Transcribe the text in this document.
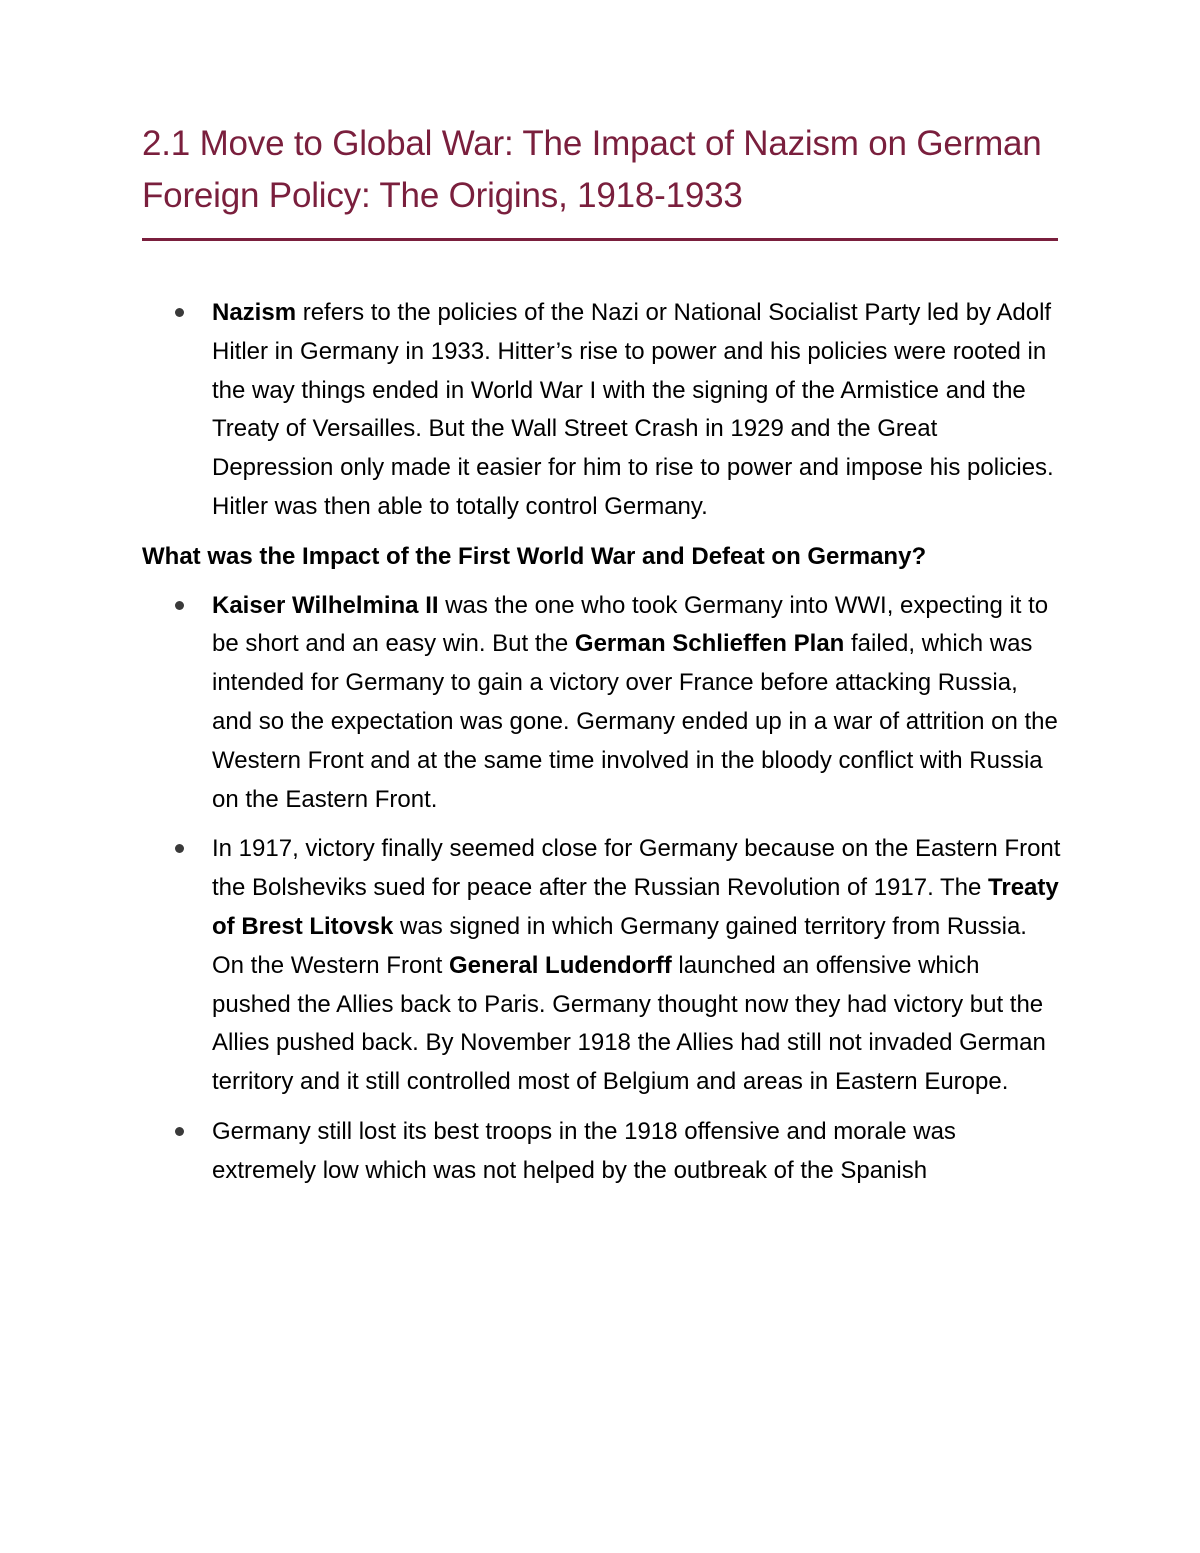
2.1 Move to Global War: The Impact of Nazism on German Foreign Policy: The Origins, 1918-1933
Nazism refers to the policies of the Nazi or National Socialist Party led by Adolf Hitler in Germany in 1933. Hitter’s rise to power and his policies were rooted in the way things ended in World War I with the signing of the Armistice and the Treaty of Versailles. But the Wall Street Crash in 1929 and the Great Depression only made it easier for him to rise to power and impose his policies. Hitler was then able to totally control Germany.

What was the Impact of the First World War and Defeat on Germany?

Kaiser Wilhelmina II was the one who took Germany into WWI, expecting it to be short and an easy win. But the German Schlieffen Plan failed, which was intended for Germany to gain a victory over France before attacking Russia, and so the expectation was gone. Germany ended up in a war of attrition on the Western Front and at the same time involved in the bloody conflict with Russia on the Eastern Front.
In 1917, victory finally seemed close for Germany because on the Eastern Front the Bolsheviks sued for peace after the Russian Revolution of 1917. The Treaty of Brest Litovsk was signed in which Germany gained territory from Russia. On the Western Front General Ludendorff launched an offensive which pushed the Allies back to Paris. Germany thought now they had victory but the Allies pushed back. By November 1918 the Allies had still not invaded German territory and it still controlled most of Belgium and areas in Eastern Europe.
Germany still lost its best troops in the 1918 offensive and morale was extremely low which was not helped by the outbreak of the Spanish
